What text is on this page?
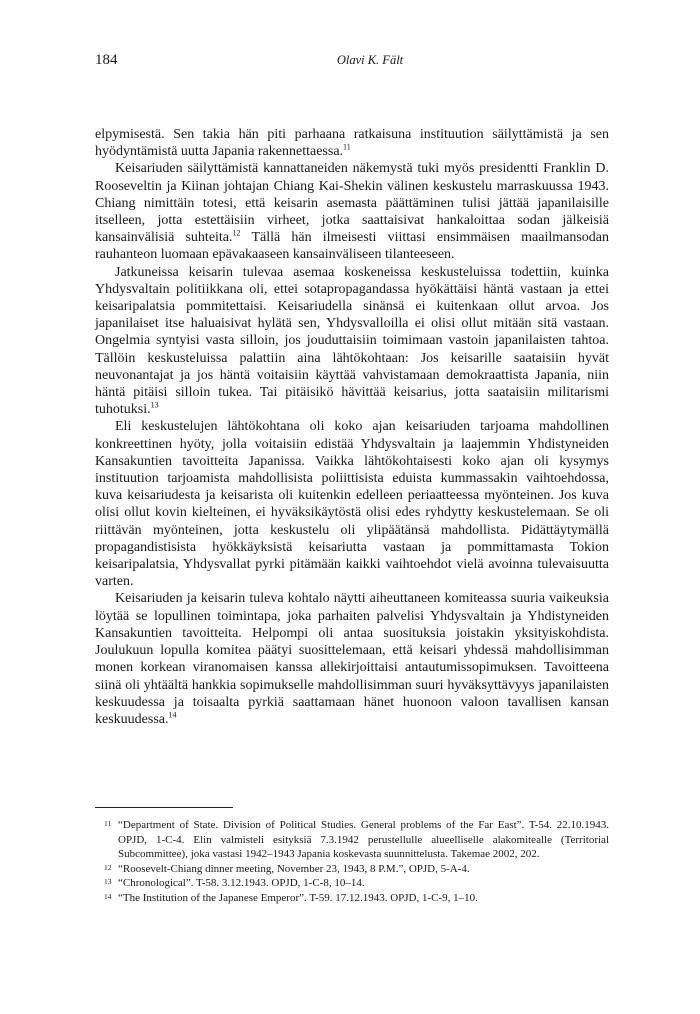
184	Olavi K. Fält

elpymisestä. Sen takia hän piti parhaana ratkaisuna instituution säilyttämistä ja sen hyödyntämistä uutta Japania rakennettaessa.$^{11}$

Keisariuden säilyttämistä kannattaneiden näkemystä tuki myös presidentti Franklin D. Rooseveltin ja Kiinan johtajan Chiang Kai-Shekin välinen keskustelu marraskuussa 1943. Chiang nimittäin totesi, että keisarin asemasta päättäminen tulisi jättää japanilaisille itselleen, jotta estettäisiin virheet, jotka saattaisivat hankaloittaa sodan jälkeisiä kansainvälisiä suhteita.$^{12}$ Tällä hän ilmeisesti viittasi ensimmäisen maailmansodan rauhanteon luomaan epävakaaseen kansainväliseen tilanteeseen.

Jatkuneissa keisarin tulevaa asemaa koskeneissa keskusteluissa todettiin, kuinka Yhdysvaltain politiikkana oli, ettei sotapropagandassa hyökättäisi häntä vastaan ja ettei keisaripalatsia pommitettaisi. Keisariudella sinänsä ei kuitenkaan ollut arvoa. Jos japanilaiset itse haluaisivat hylätä sen, Yhdysvalloilla ei olisi ollut mitään sitä vastaan. Ongelmia syntyisi vasta silloin, jos jouduttaisiin toimimaan vastoin japanilaisten tahtoa. Tällöin keskusteluissa palattiin aina lähtökohtaan: Jos keisarille saataisiin hyvät neuvonantajat ja jos häntä voitaisiin käyttää vahvistamaan demokraattista Japania, niin häntä pitäisi silloin tukea. Tai pitäisikö hävittää keisarius, jotta saataisiin militarismi tuhotuksi.$^{13}$

Eli keskustelujen lähtökohtana oli koko ajan keisariuden tarjoama mahdollinen konkreettinen hyöty, jolla voitaisiin edistää Yhdysvaltain ja laajemmin Yhdistyneiden Kansakuntien tavoitteita Japanissa. Vaikka lähtökohtaisesti koko ajan oli kysymys instituution tarjoamista mahdollisista poliittisista eduista kummassakin vaihtoehdossa, kuva keisariudesta ja keisarista oli kuitenkin edelleen periaatteessa myönteinen. Jos kuva olisi ollut kovin kielteinen, ei hyväksikäytöstä olisi edes ryhdytty keskustelemaan. Se oli riittävän myönteinen, jotta keskustelu oli ylipäätänsä mahdollista. Pidättäytymällä propagandistisista hyökkäyksistä keisariutta vastaan ja pommittamasta Tokion keisaripalatsia, Yhdysvallat pyrki pitämään kaikki vaihtoehdot vielä avoinna tulevaisuutta varten.

Keisariuden ja keisarin tuleva kohtalo näytti aiheuttaneen komiteassa suuria vaikeuksia löytää se lopullinen toimintapa, joka parhaiten palvelisi Yhdysvaltain ja Yhdistyneiden Kansakuntien tavoitteita. Helpompi oli antaa suosituksia joistakin yksityiskohdista. Joulukuun lopulla komitea päätyi suosittelemaan, että keisari yhdessä mahdollisimman monen korkean viranomaisen kanssa allekirjoittaisi antautumissopimuksen. Tavoitteena siinä oli yhtäältä hankkia sopimukselle mahdollisimman suuri hyväksyttävyys japanilaisten keskuudessa ja toisaalta pyrkiä saattamaan hänet huonoon valoon tavallisen kansan keskuudessa.$^{14}$

11 “Department of State. Division of Political Studies. General problems of the Far East”. T-54. 22.10.1943. OPJD, 1-C-4. Elin valmisteli esityksiä 7.3.1942 perustellulle alueelliselle alakomitealle (Territorial Subcommittee), joka vastasi 1942–1943 Japania koskevasta suunnittelusta. Takemae 2002, 202.
12 “Roosevelt-Chiang dinner meeting, November 23, 1943, 8 P.M.”, OPJD, 5-A-4.
13 “Chronological”. T-58. 3.12.1943. OPJD, 1-C-8, 10–14.
14 “The Institution of the Japanese Emperor”. T-59. 17.12.1943. OPJD, 1-C-9, 1–10.
